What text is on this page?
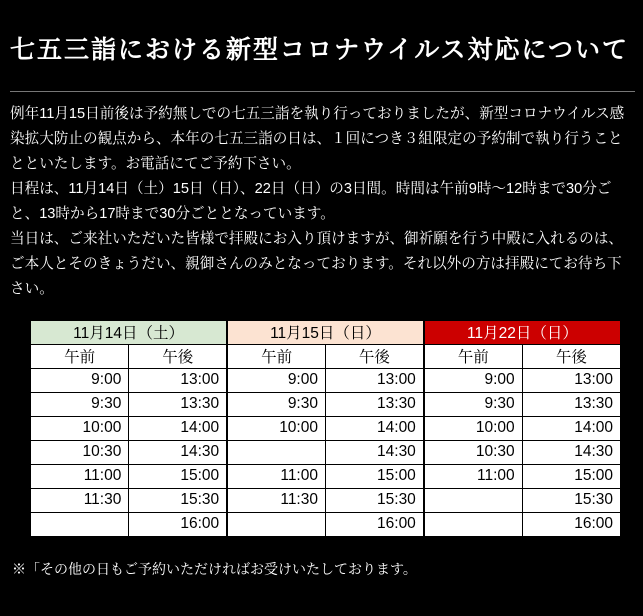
七五三詣における新型コロナウイルス対応について

例年11月15日前後は予約無しでの七五三詣を執り行っておりましたが、新型コロナウイルス感染拡大防止の観点から、本年の七五三詣の日は、１回につき３組限定の予約制で執り行うこととといたします。お電話にてご予約下さい。

日程は、11月14日（土）15日（日）、22日（日）の3日間。時間は午前9時〜12時まで30分ごと、13時から17時まで30分ごととなっています。

当日は、ご来社いただいた皆様で拝殿にお入り頂けますが、御祈願を行う中殿に入れるのは、ご本人とそのきょうだい、親御さんのみとなっております。それ以外の方は拝殿にてお待ち下さい。

11月14日（土）		11月15日（日）		11月22日（日）	
午前	午後	午前	午後	午前	午後
9:00	13:00	9:00	13:00	9:00	13:00
9:30	13:30	9:30	13:30	9:30	13:30
10:00	14:00	10:00	14:00	10:00	14:00
10:30	14:30		14:30	10:30	14:30
11:00	15:00	11:00	15:00	11:00	15:00
11:30	15:30	11:30	15:30		15:30
	16:00		16:00		16:00
※「その他の日もご予約いただければお受けいたしております。
